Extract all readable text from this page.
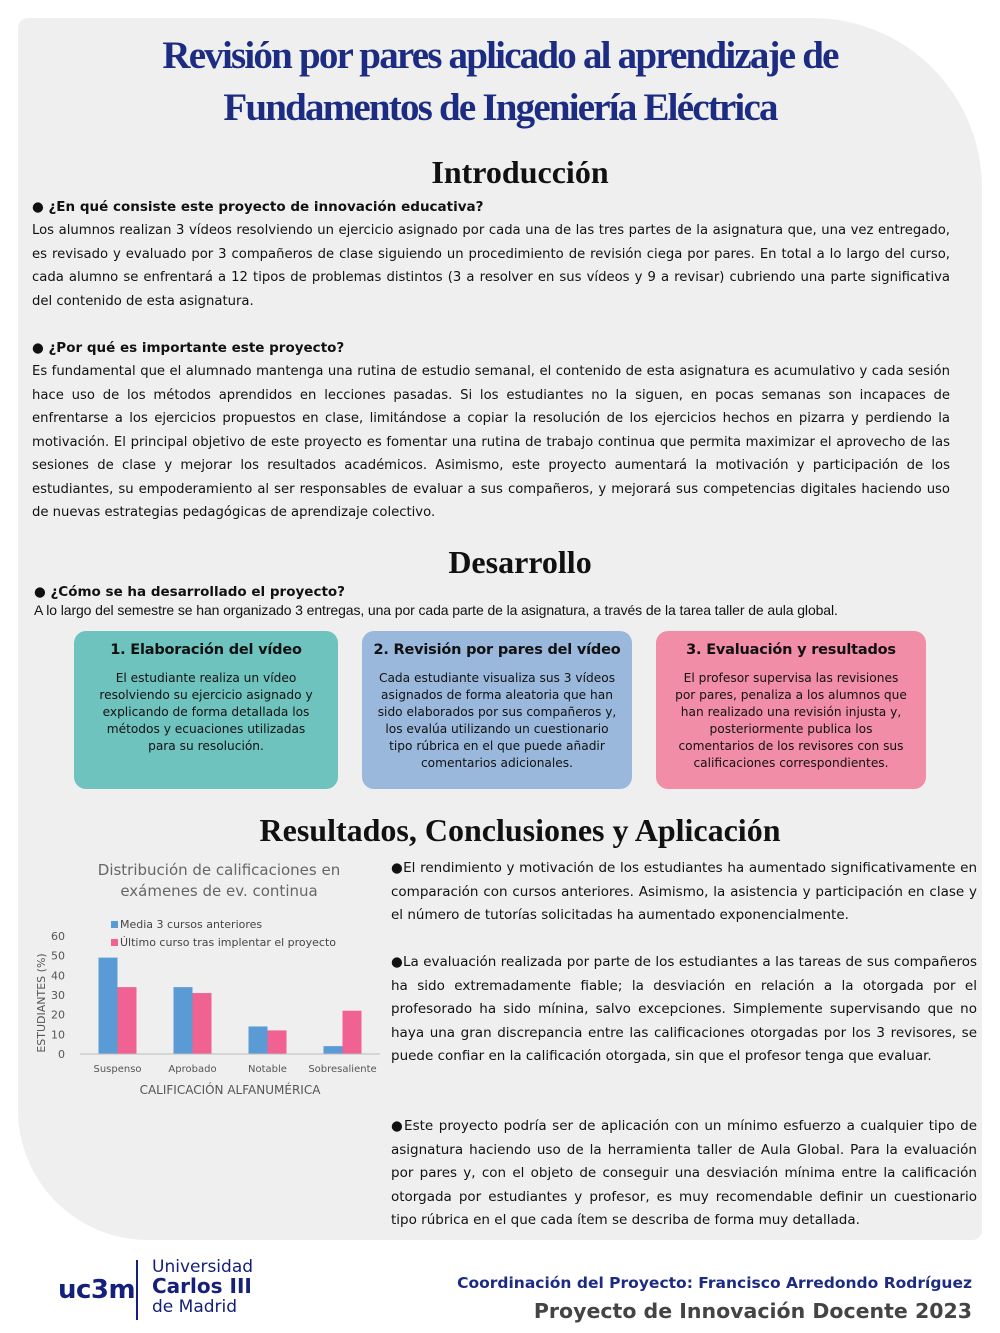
Revisión por pares aplicado al aprendizaje de
Fundamentos de Ingeniería Eléctrica
Introducción
● ¿En qué consiste este proyecto de innovación educativa?
Los alumnos realizan 3 vídeos resolviendo un ejercicio asignado por cada una de las tres partes de la asignatura que, una vez entregado, es revisado y evaluado por 3 compañeros de clase siguiendo un procedimiento de revisión ciega por pares. En total a lo largo del curso, cada alumno se enfrentará a 12 tipos de problemas distintos (3 a resolver en sus vídeos y 9 a revisar) cubriendo una parte significativa del contenido de esta asignatura.
● ¿Por qué es importante este proyecto?
Es fundamental que el alumnado mantenga una rutina de estudio semanal, el contenido de esta asignatura es acumulativo y cada sesión hace uso de los métodos aprendidos en lecciones pasadas. Si los estudiantes no la siguen, en pocas semanas son incapaces de enfrentarse a los ejercicios propuestos en clase, limitándose a copiar la resolución de los ejercicios hechos en pizarra y perdiendo la motivación. El principal objetivo de este proyecto es fomentar una rutina de trabajo continua que permita maximizar el aprovecho de las sesiones de clase y mejorar los resultados académicos. Asimismo, este proyecto aumentará la motivación y participación de los estudiantes, su empoderamiento al ser responsables de evaluar a sus compañeros, y mejorará sus competencias digitales haciendo uso de nuevas estrategias pedagógicas de aprendizaje colectivo.
Desarrollo
● ¿Cómo se ha desarrollado el proyecto?
A lo largo del semestre se han organizado 3 entregas, una por cada parte de la asignatura, a través de la tarea taller de aula global.
1. Elaboración del vídeo
El estudiante realiza un vídeo resolviendo su ejercicio asignado y explicando de forma detallada los métodos y ecuaciones utilizadas para su resolución.
2. Revisión por pares del vídeo
Cada estudiante visualiza sus 3 vídeos asignados de forma aleatoria que han sido elaborados por sus compañeros y, los evalúa utilizando un cuestionario tipo rúbrica en el que puede añadir comentarios adicionales.
3. Evaluación y resultados
El profesor supervisa las revisiones por pares, penaliza a los alumnos que han realizado una revisión injusta y, posteriormente publica los comentarios de los revisores con sus calificaciones correspondientes.
Resultados, Conclusiones y Aplicación
Distribución de calificaciones en
exámenes de ev. continua
Media 3 cursos anteriores
Último curso tras implentar el proyecto
ESTUDIANTES (%)
CALIFICACIÓN ALFANUMÉRICA
0
10
20
30
40
50
60
Suspenso	Aprobado	Notable Sobresaliente
●El rendimiento y motivación de los estudiantes ha aumentado significativamente en comparación con cursos anteriores. Asimismo, la asistencia y participación en clase y el número de tutorías solicitadas ha aumentado exponencialmente.
●La evaluación realizada por parte de los estudiantes a las tareas de sus compañeros ha sido extremadamente fiable; la desviación en relación a la otorgada por el profesorado ha sido mínina, salvo excepciones. Simplemente supervisando que no haya una gran discrepancia entre las calificaciones otorgadas por los 3 revisores, se puede confiar en la calificación otorgada, sin que el profesor tenga que evaluar.
●Este proyecto podría ser de aplicación con un mínimo esfuerzo a cualquier tipo de asignatura haciendo uso de la herramienta taller de Aula Global. Para la evaluación por pares y, con el objeto de conseguir una desviación mínima entre la calificación otorgada por estudiantes y profesor, es muy recomendable definir un cuestionario tipo rúbrica en el que cada ítem se describa de forma muy detallada.
uc3m
Universidad
Carlos III
de Madrid
Coordinación del Proyecto: Francisco Arredondo Rodríguez
Proyecto de Innovación Docente 2023
